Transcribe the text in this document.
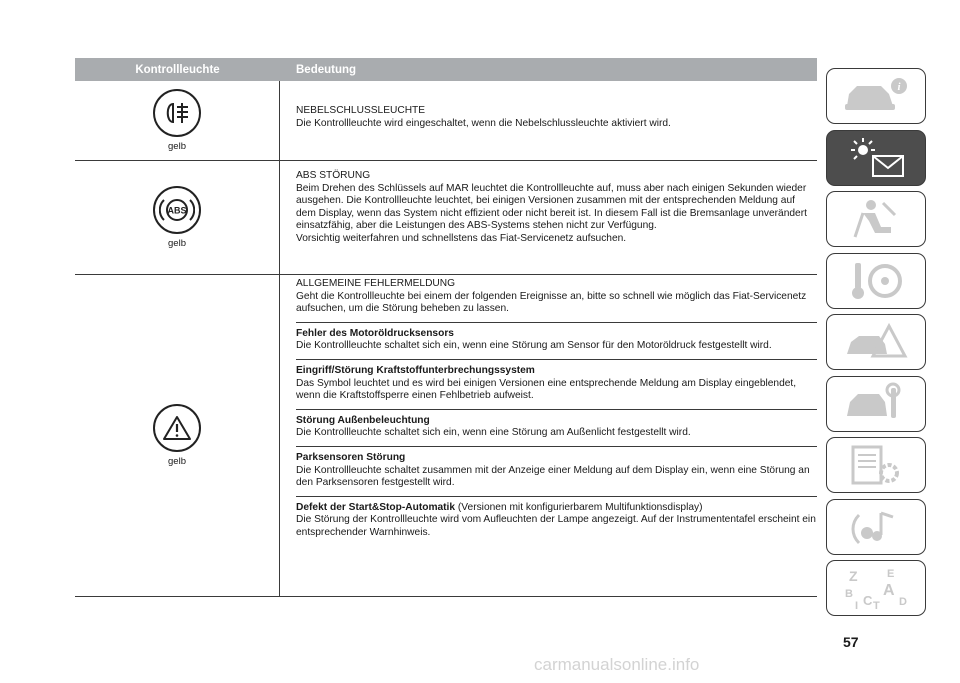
Kontrollleuchte	Bedeutung
gelb

NEBELSCHLUSSLEUCHTE

Die Kontrollleuchte wird eingeschaltet, wenn die Nebelschlussleuchte aktiviert wird.

ABS
gelb

ABS STÖRUNG

Beim Drehen des Schlüssels auf MAR leuchtet die Kontrollleuchte auf, muss aber nach einigen Sekunden wieder ausgehen. Die Kontrollleuchte leuchtet, bei einigen Versionen zusammen mit der entsprechenden Meldung auf dem Display, wenn das System nicht effizient oder nicht bereit ist. In diesem Fall ist die Bremsanlage unverändert einsatzfähig, aber die Leistungen des ABS-Systems stehen nicht zur Verfügung.

Vorsichtig weiterfahren und schnellstens das Fiat-Servicenetz aufsuchen.

gelb

ALLGEMEINE FEHLERMELDUNG

Geht die Kontrollleuchte bei einem der folgenden Ereignisse an, bitte so schnell wie möglich das Fiat-Servicenetz aufsuchen, um die Störung beheben zu lassen.

Fehler des Motoröldrucksensors

Die Kontrollleuchte schaltet sich ein, wenn eine Störung am Sensor für den Motoröldruck festgestellt wird.

Eingriff/Störung Kraftstoffunterbrechungssystem

Das Symbol leuchtet und es wird bei einigen Versionen eine entsprechende Meldung am Display eingeblendet, wenn die Kraftstoffsperre einen Fehlbetrieb aufweist.

Störung Außenbeleuchtung

Die Kontrollleuchte schaltet sich ein, wenn eine Störung am Außenlicht festgestellt wird.

Parksensoren Störung

Die Kontrollleuchte schaltet zusammen mit der Anzeige einer Meldung auf dem Display ein, wenn eine Störung an den Parksensoren festgestellt wird.

Defekt der Start&Stop-Automatik (Versionen mit konfigurierbarem Multifunktionsdisplay)

Die Störung der Kontrollleuchte wird vom Aufleuchten der Lampe angezeigt. Auf der Instrumententafel erscheint ein entsprechender Warnhinweis.

i
Z	E
B A
I C T D
57
carmanualsonline.info
